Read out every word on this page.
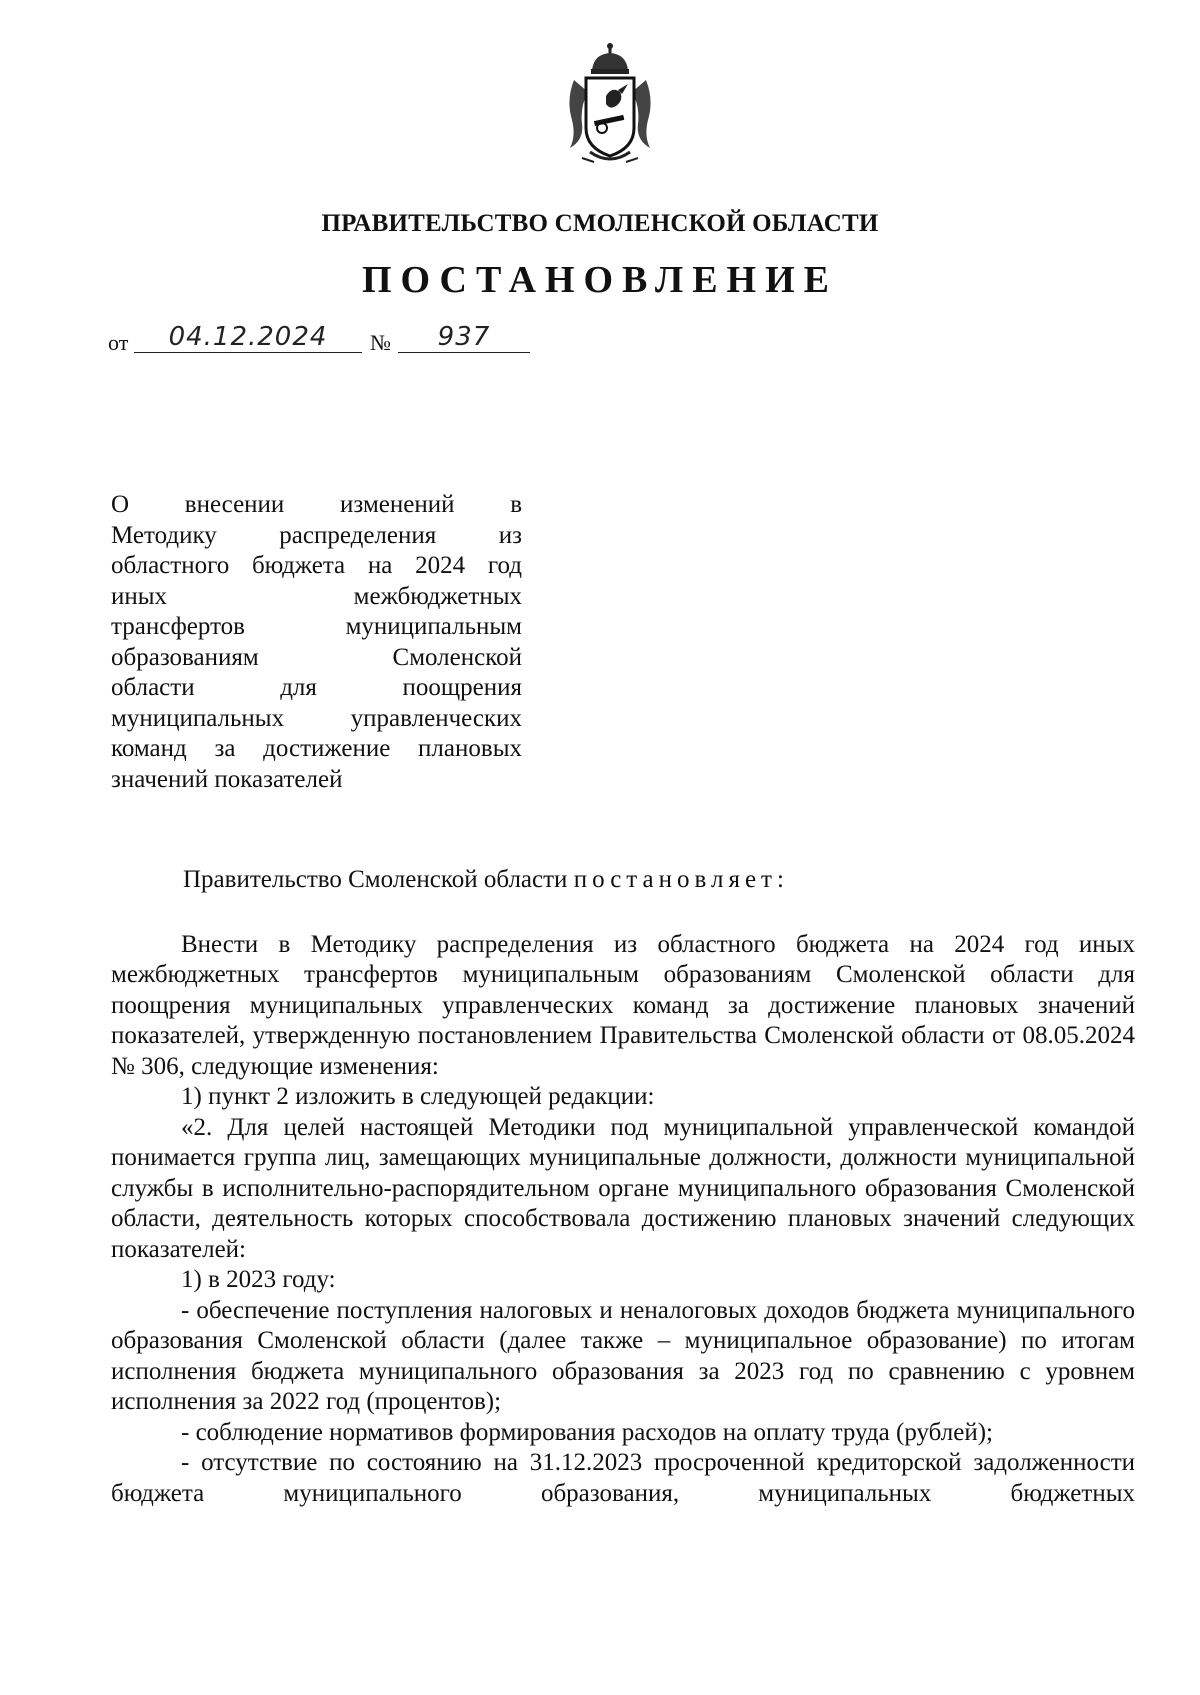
ПРАВИТЕЛЬСТВО СМОЛЕНСКОЙ ОБЛАСТИ
ПОСТАНОВЛЕНИЕ
от	04.12.2024	№	937

О внесении изменений в

Методику распределения из

областного бюджета на 2024 год

иных межбюджетных

трансфертов муниципальным

образованиям Смоленской

области для поощрения

муниципальных управленческих

команд за достижение плановых

значений показателей

Правительство Смоленской области постановляет:

Внести в Методику распределения из областного бюджета на 2024 год иных межбюджетных трансфертов муниципальным образованиям Смоленской области для поощрения муниципальных управленческих команд за достижение плановых значений показателей, утвержденную постановлением Правительства Смоленской области от 08.05.2024 № 306, следующие изменения:

1) пункт 2 изложить в следующей редакции:

«2. Для целей настоящей Методики под муниципальной управленческой командой понимается группа лиц, замещающих муниципальные должности, должности муниципальной службы в исполнительно-распорядительном органе муниципального образования Смоленской области, деятельность которых способствовала достижению плановых значений следующих показателей:

1) в 2023 году:

- обеспечение поступления налоговых и неналоговых доходов бюджета муниципального образования Смоленской области (далее также – муниципальное образование) по итогам исполнения бюджета муниципального образования за 2023 год по сравнению с уровнем исполнения за 2022 год (процентов);

- соблюдение нормативов формирования расходов на оплату труда (рублей);

- отсутствие по состоянию на 31.12.2023 просроченной кредиторской задолженности бюджета муниципального образования, муниципальных бюджетных
